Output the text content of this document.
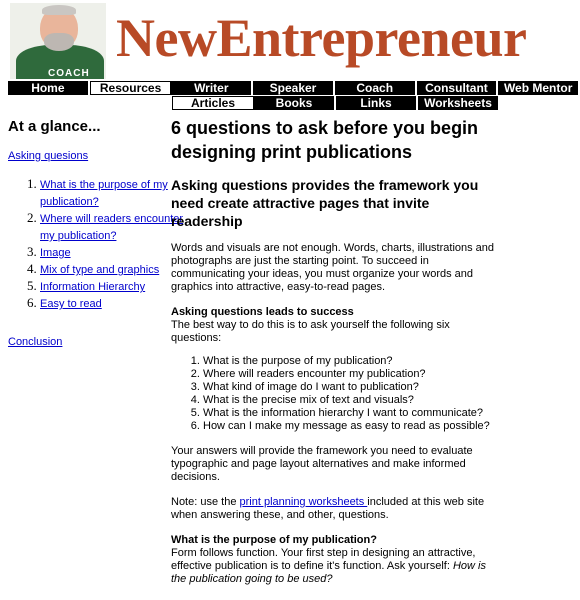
COACH
NewEntrepreneur
Home	Resources	Writer	Speaker	Coach	Consultant	Web Mentor
Articles	Books	Links	Worksheets
At a glance...
Asking quesions
1. What is the purpose of my publication?
2. Where will readers encounter my publication?
3. Image
4. Mix of type and graphics
5. Information Hierarchy
6. Easy to read
Conclusion
6 questions to ask before you begin designing print publications
Asking questions provides the framework you need create attractive pages that invite readership

Words and visuals are not enough. Words, charts, illustrations and photographs are just the starting point. To succeed in communicating your ideas, you must organize your words and graphics into attractive, easy-to-read pages.

Asking questions leads to success
The best way to do this is to ask yourself the following six questions:

1. What is the purpose of my publication?
2. Where will readers encounter my publication?
3. What kind of image do I want to publication?
4. What is the precise mix of text and visuals?
5. What is the information hierarchy I want to communicate?
6. How can I make my message as easy to read as possible?

Your answers will provide the framework you need to evaluate typographic and page layout alternatives and make informed decisions.

Note: use the print planning worksheets included at this web site when answering these, and other, questions.

What is the purpose of my publication?
Form follows function. Your first step in designing an attractive, effective publication is to define it's function. Ask yourself: How is the publication going to be used?
